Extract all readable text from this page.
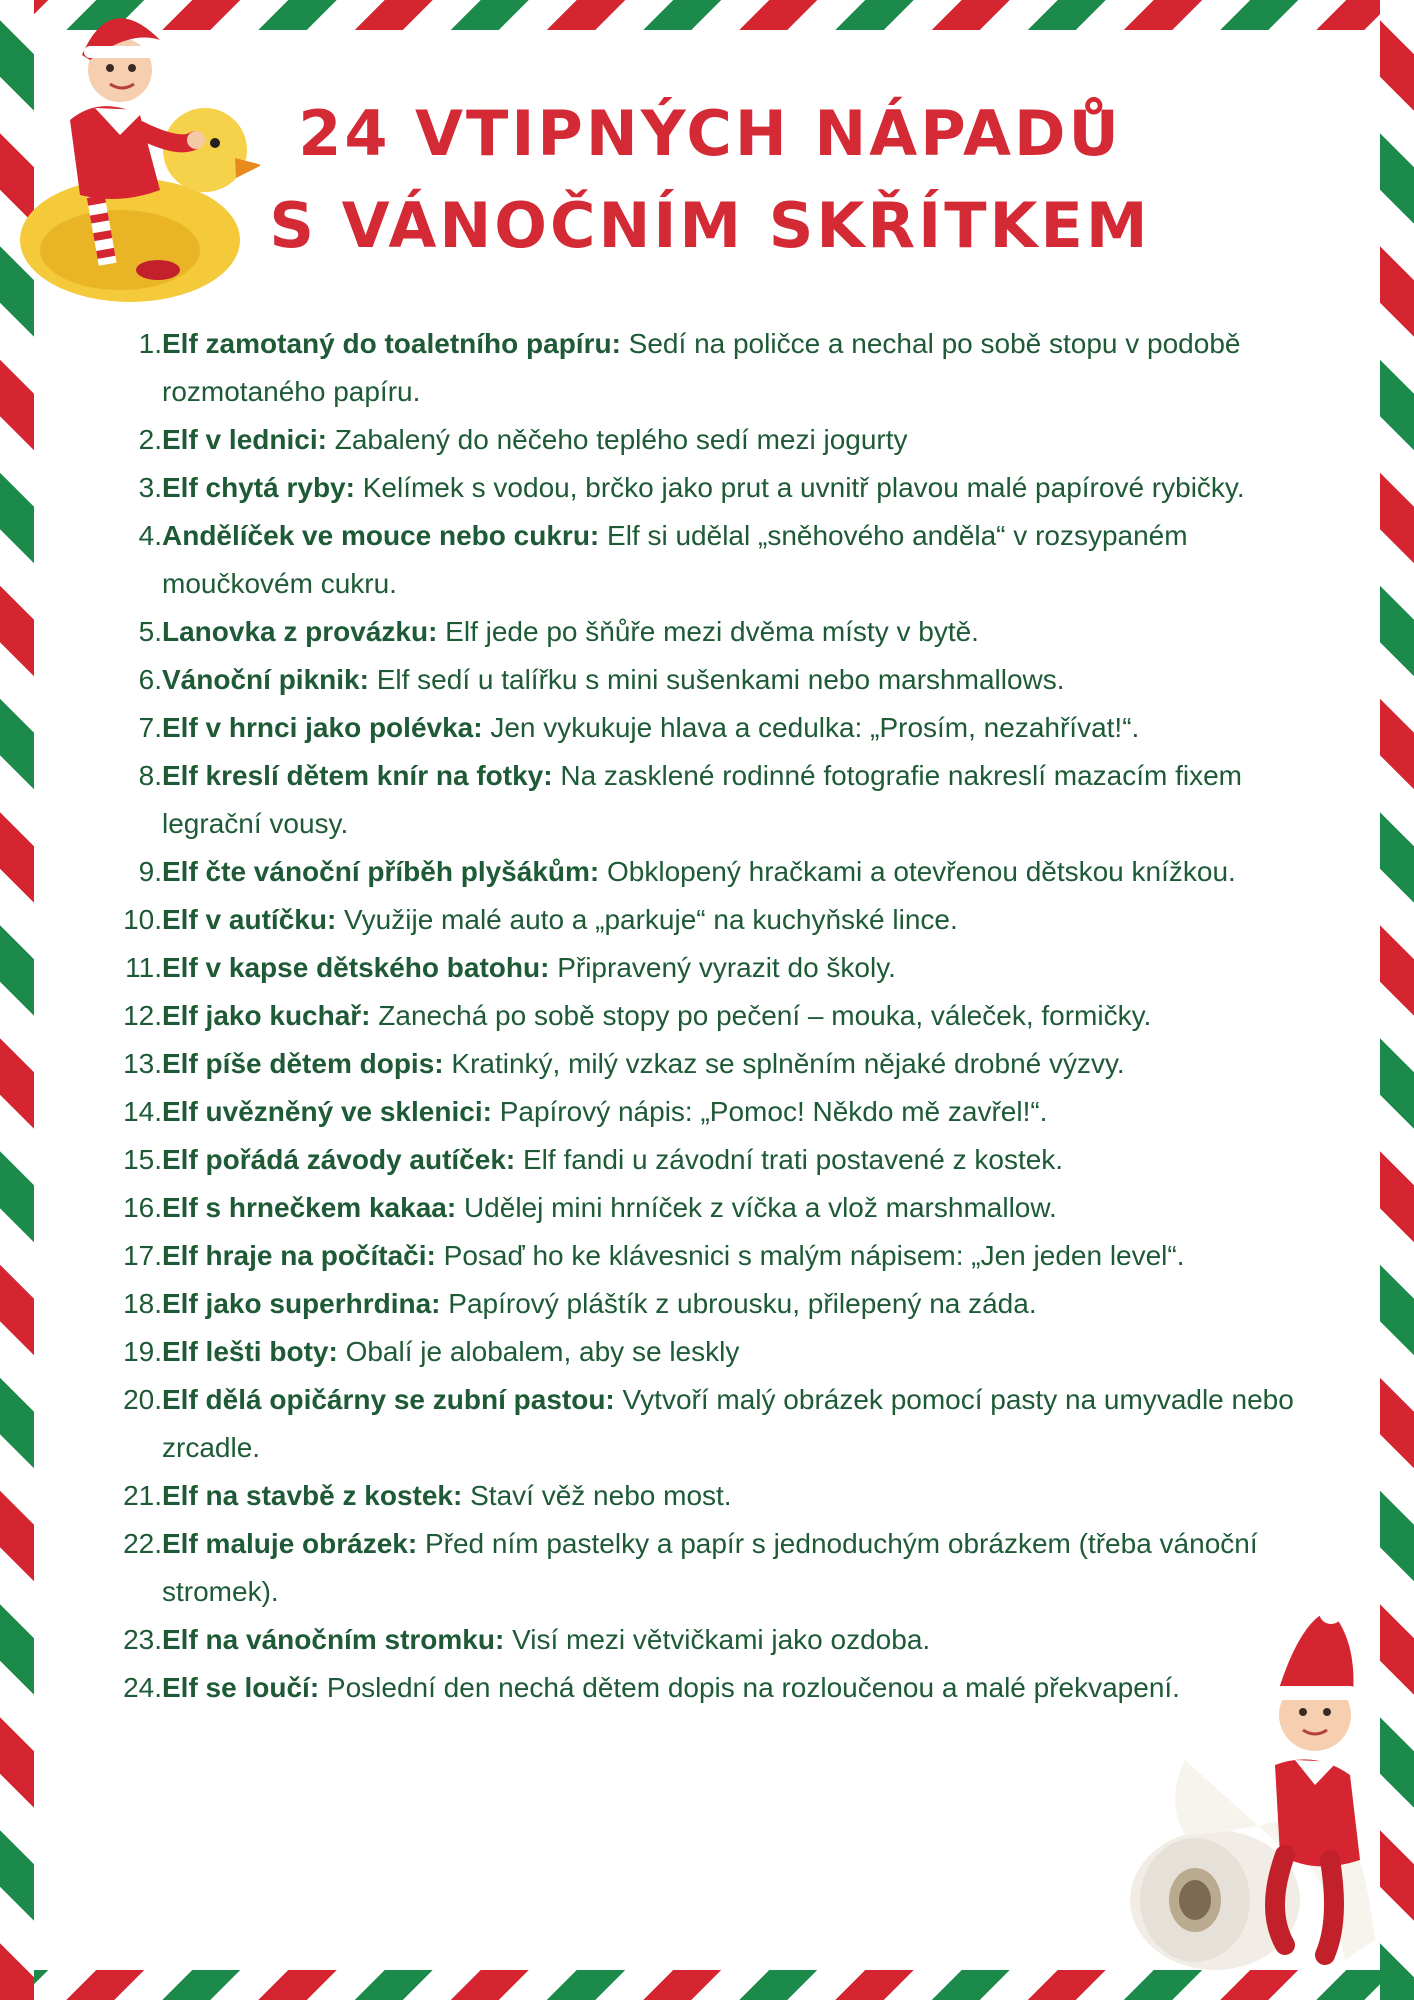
24 VTIPNÝCH NÁPADŮ
S VÁNOČNÍM SKŘÍTKEM
1. Elf zamotaný do toaletního papíru: Sedí na poličce a nechal po sobě stopu v podobě rozmotaného papíru.
2. Elf v lednici: Zabalený do něčeho teplého sedí mezi jogurty
3. Elf chytá ryby: Kelímek s vodou, brčko jako prut a uvnitř plavou malé papírové rybičky.
4. Andělíček ve mouce nebo cukru: Elf si udělal „sněhového anděla“ v rozsypaném moučkovém cukru.
5. Lanovka z provázku: Elf jede po šňůře mezi dvěma místy v bytě.
6. Vánoční piknik: Elf sedí u talířku s mini sušenkami nebo marshmallows.
7. Elf v hrnci jako polévka: Jen vykukuje hlava a cedulka: „Prosím, nezahřívat!“.
8. Elf kreslí dětem knír na fotky: Na zasklené rodinné fotografie nakreslí mazacím fixem legrační vousy.
9. Elf čte vánoční příběh plyšákům: Obklopený hračkami a otevřenou dětskou knížkou.
10. Elf v autíčku: Využije malé auto a „parkuje“ na kuchyňské lince.
11. Elf v kapse dětského batohu: Připravený vyrazit do školy.
12. Elf jako kuchař: Zanechá po sobě stopy po pečení – mouka, váleček, formičky.
13. Elf píše dětem dopis: Kratinký, milý vzkaz se splněním nějaké drobné výzvy.
14. Elf uvězněný ve sklenici: Papírový nápis: „Pomoc! Někdo mě zavřel!“.
15. Elf pořádá závody autíček: Elf fandi u závodní trati postavené z kostek.
16. Elf s hrnečkem kakaa: Udělej mini hrníček z víčka a vlož marshmallow.
17. Elf hraje na počítači: Posaď ho ke klávesnici s malým nápisem: „Jen jeden level“.
18. Elf jako superhrdina: Papírový pláštík z ubrousku, přilepený na záda.
19. Elf lešti boty: Obalí je alobalem, aby se leskly
20. Elf dělá opičárny se zubní pastou: Vytvoří malý obrázek pomocí pasty na umyvadle nebo zrcadle.
21. Elf na stavbě z kostek: Staví věž nebo most.
22. Elf maluje obrázek: Před ním pastelky a papír s jednoduchým obrázkem (třeba vánoční stromek).
23. Elf na vánočním stromku: Visí mezi větvičkami jako ozdoba.
24. Elf se loučí: Poslední den nechá dětem dopis na rozloučenou a malé překvapení.
